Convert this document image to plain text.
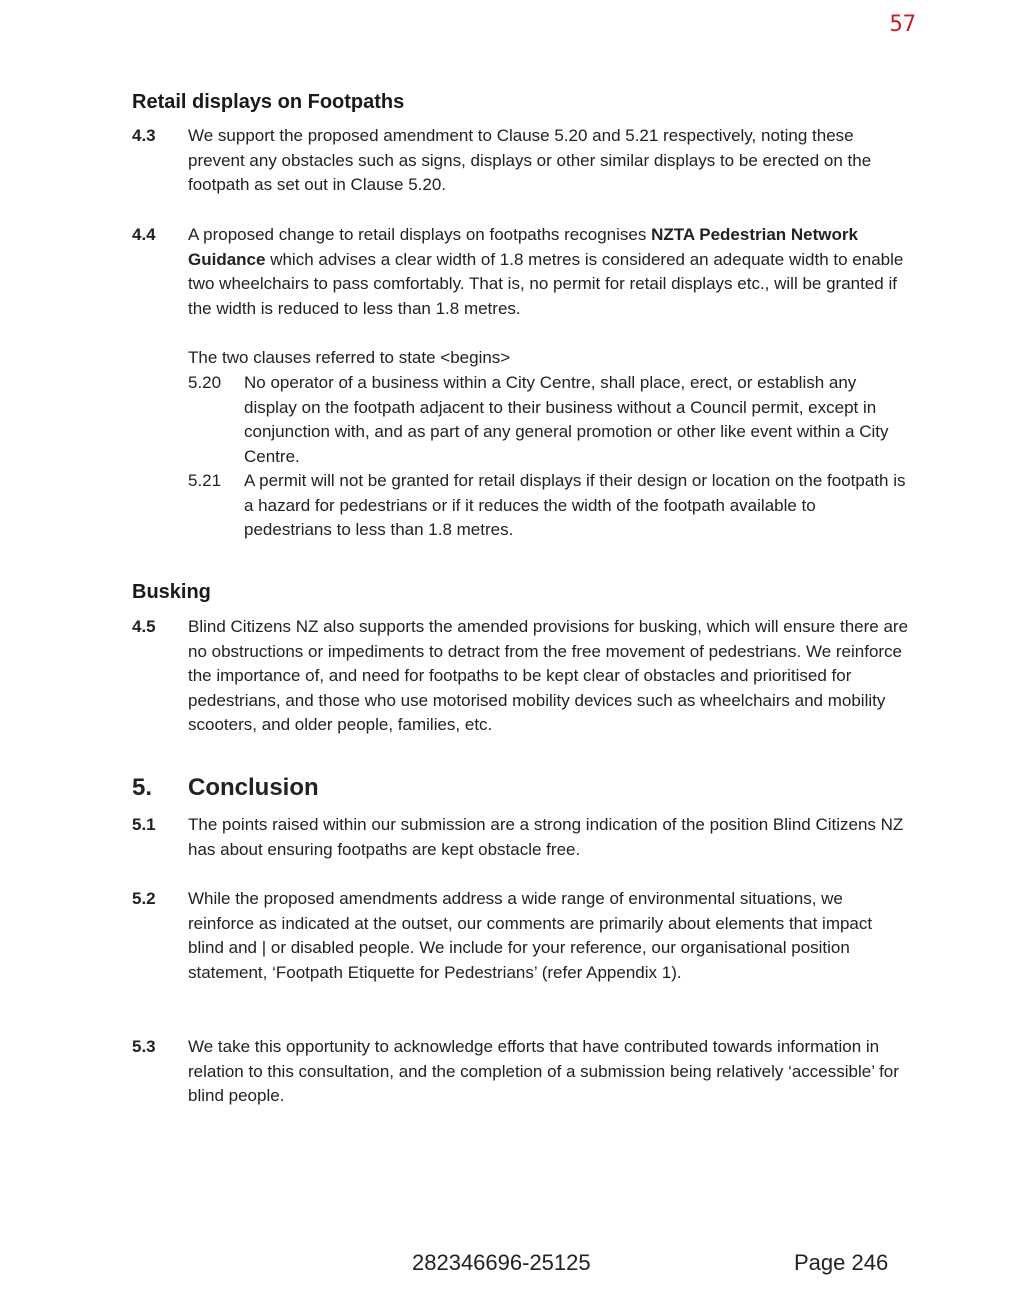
57
Retail displays on Footpaths
4.3	We support the proposed amendment to Clause 5.20 and 5.21 respectively, noting these prevent any obstacles such as signs, displays or other similar displays to be erected on the footpath as set out in Clause 5.20.
4.4	A proposed change to retail displays on footpaths recognises NZTA Pedestrian Network Guidance which advises a clear width of 1.8 metres is considered an adequate width to enable two wheelchairs to pass comfortably. That is, no permit for retail displays etc., will be granted if the width is reduced to less than 1.8 metres.
The two clauses referred to state <begins>
5.20 No operator of a business within a City Centre, shall place, erect, or establish any display on the footpath adjacent to their business without a Council permit, except in conjunction with, and as part of any general promotion or other like event within a City Centre.
5.21 A permit will not be granted for retail displays if their design or location on the footpath is a hazard for pedestrians or if it reduces the width of the footpath available to pedestrians to less than 1.8 metres.
Busking
4.5	Blind Citizens NZ also supports the amended provisions for busking, which will ensure there are no obstructions or impediments to detract from the free movement of pedestrians. We reinforce the importance of, and need for footpaths to be kept clear of obstacles and prioritised for pedestrians, and those who use motorised mobility devices such as wheelchairs and mobility scooters, and older people, families, etc.
5. Conclusion
5.1	The points raised within our submission are a strong indication of the position Blind Citizens NZ has about ensuring footpaths are kept obstacle free.
5.2	While the proposed amendments address a wide range of environmental situations, we reinforce as indicated at the outset, our comments are primarily about elements that impact blind and | or disabled people. We include for your reference, our organisational position statement, ‘Footpath Etiquette for Pedestrians’ (refer Appendix 1).
5.3	We take this opportunity to acknowledge efforts that have contributed towards information in relation to this consultation, and the completion of a submission being relatively ‘accessible’ for blind people.
282346696-25125	Page 246
